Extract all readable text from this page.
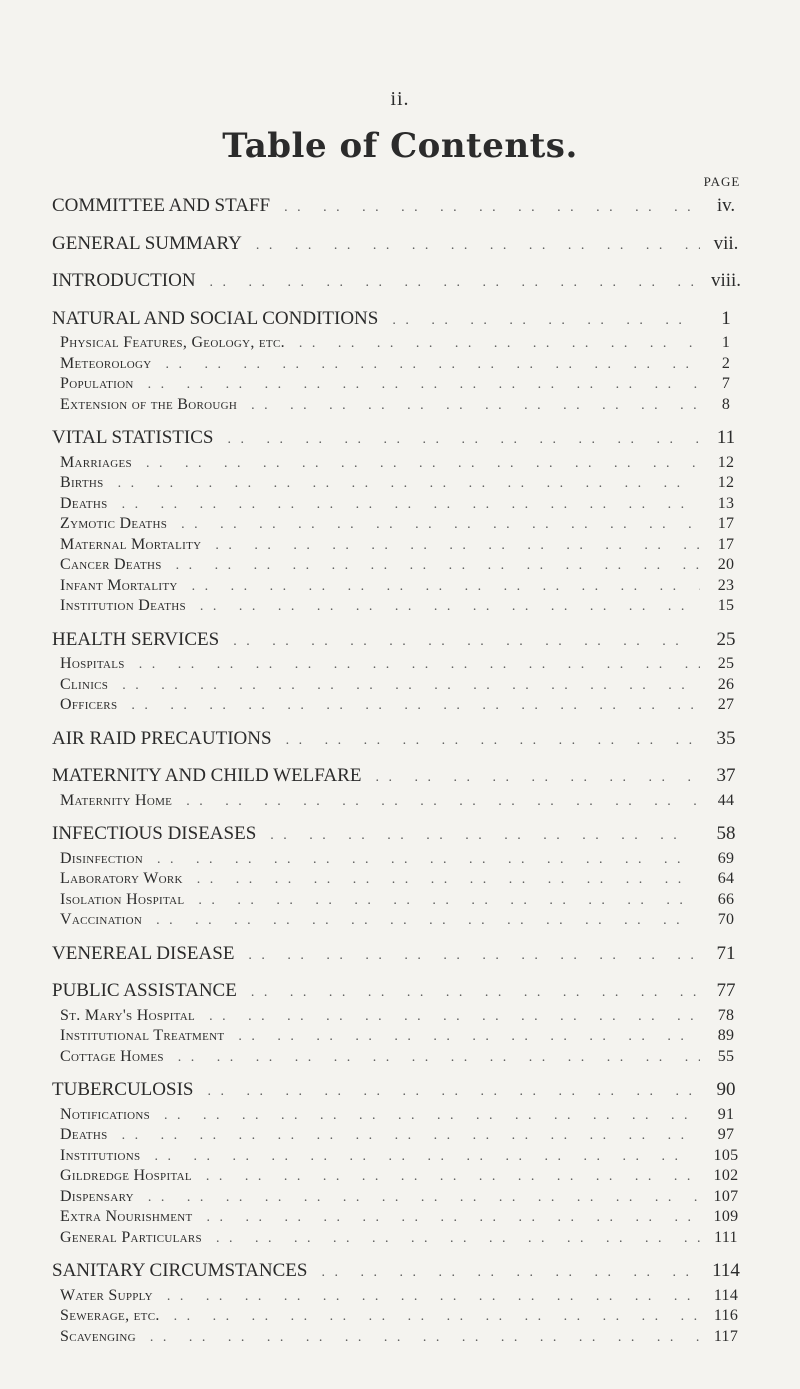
ii.
Table of Contents.
PAGE
COMMITTEE AND STAFF . .	iv.
GENERAL SUMMARY . .	vii.
INTRODUCTION . .	viii.
NATURAL AND SOCIAL CONDITIONS . .	1
Physical Features, Geology, etc. . .	1
Meteorology . .	2
Population . .	7
Extension of the Borough . .	8
VITAL STATISTICS . .	11
Marriages . .	12
Births . .	12
Deaths . .	13
Zymotic Deaths . .	17
Maternal Mortality . .	17
Cancer Deaths . .	20
Infant Mortality . .	23
Institution Deaths . .	15
HEALTH SERVICES . .	25
Hospitals . .	25
Clinics . .	26
Officers . .	27
AIR RAID PRECAUTIONS . .	35
MATERNITY AND CHILD WELFARE . .	37
Maternity Home . .	44
INFECTIOUS DISEASES . .	58
Disinfection . .	69
Laboratory Work . .	64
Isolation Hospital . .	66
Vaccination . .	70
VENEREAL DISEASE . .	71
PUBLIC ASSISTANCE . .	77
St. Mary's Hospital . .	78
Institutional Treatment . .	89
Cottage Homes . .	55
TUBERCULOSIS . .	90
Notifications . .	91
Deaths . .	97
Institutions . .	105
Gildredge Hospital . .	102
Dispensary . .	107
Extra Nourishment . .	109
General Particulars . .	111
SANITARY CIRCUMSTANCES . .	114
Water Supply . .	114
Sewerage, etc. . .	116
Scavenging . .	117
